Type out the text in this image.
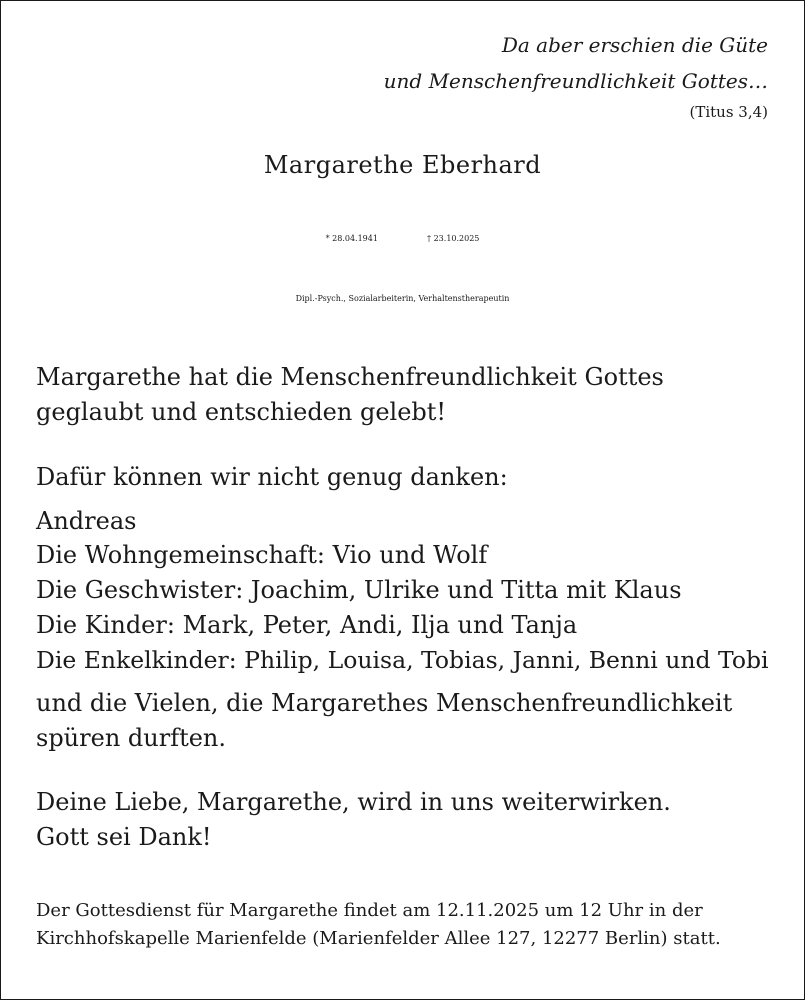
Da aber erschien die Güte

und Menschenfreundlichkeit Gottes…

(Titus 3,4)

Margarethe Eberhard
* 28.04.1941	† 23.10.2025

Dipl.-Psych., Sozialarbeiterin, Verhaltenstherapeutin

Margarethe hat die Menschenfreundlichkeit Gottes

geglaubt und entschieden gelebt!

Dafür können wir nicht genug danken:

Andreas

Die Wohngemeinschaft: Vio und Wolf

Die Geschwister: Joachim, Ulrike und Titta mit Klaus

Die Kinder: Mark, Peter, Andi, Ilja und Tanja

Die Enkelkinder: Philip, Louisa, Tobias, Janni, Benni und Tobi

und die Vielen, die Margarethes Menschenfreundlichkeit

spüren durften.

Deine Liebe, Margarethe, wird in uns weiterwirken.

Gott sei Dank!

Der Gottesdienst für Margarethe findet am 12.11.2025 um 12 Uhr in der

Kirchhofskapelle Marienfelde (Marienfelder Allee 127, 12277 Berlin) statt.
